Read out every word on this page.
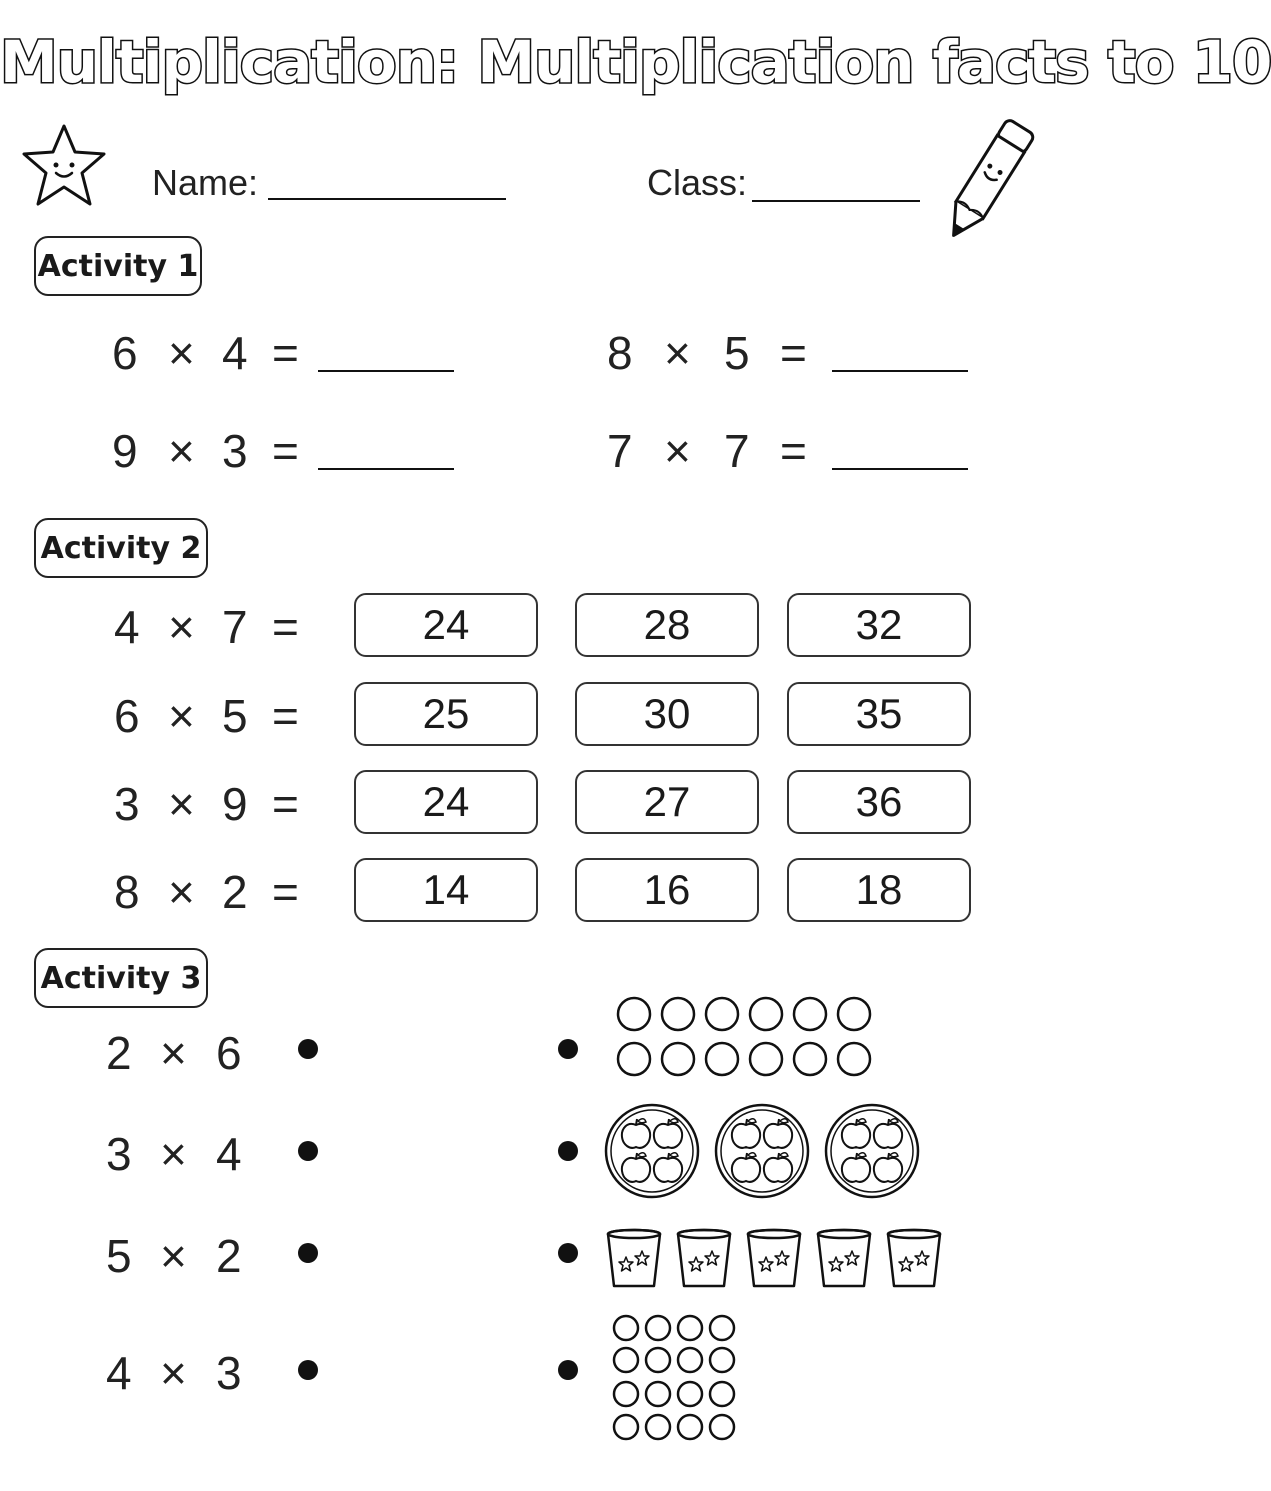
Multiplication: Multiplication facts to 10
Name:	Class:
Activity 1
6 × 4 =	8 × 5 =
9 × 3 =	7 × 7 =
Activity 2
4 × 7 =	24	28	32
6 × 5 =	25	30	35
3 × 9 =	24	27	36
8 × 2 =	14	16	18
Activity 3
2 × 6
3 × 4
5 × 2
4 × 3
